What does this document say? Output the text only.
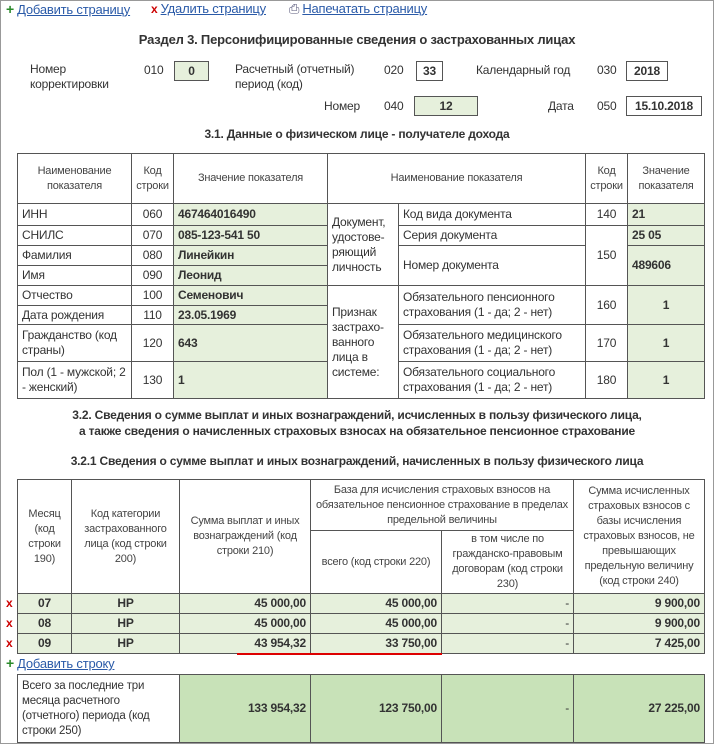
+ Добавить страницу x Удалить страницу ⎙ Напечатать страницу
Раздел 3. Персонифицированные сведения о застрахованных лицах
Номер корректировки
010	0	Расчетный (отчетный) период (код)
020	33	Календарный год 030	2018
Номер 040	12	Дата 050	15.10.2018
3.1. Данные о физическом лице - получателе дохода
Наименование показателя	Код строки	Значение показателя	Наименование показателя		Код строки	Значение показателя
ИНН	060	467464016490	Документ, удостове-ряющий личность	Код вида документа	140	21
СНИЛС	070	085-123-541 50		Серия документа	150	25 05
Фамилия	080	Линейкин		Номер документа		489606
Имя	090	Леонид				
Отчество	100	Семенович	Признак застрахо-ванного лица в системе:	Обязательного пенсионного страхования (1 - да; 2 - нет)	160	1
Дата рождения	110	23.05.1969				
Гражданство (код страны)	120	643		Обязательного медицинского страхования (1 - да; 2 - нет)	170	1
Пол (1 - мужской; 2 - женский)	130	1		Обязательного социального страхования (1 - да; 2 - нет)	180	1
3.2. Сведения о сумме выплат и иных вознаграждений, исчисленных в пользу физического лица,
а также сведения о начисленных страховых взносах на обязательное пенсионное страхование
3.2.1 Сведения о сумме выплат и иных вознаграждений, начисленных в пользу физического лица
Месяц (код строки 190)	Код категории застрахованного лица (код строки 200)	Сумма выплат и иных вознаграждений (код строки 210)	База для исчисления страховых взносов на обязательное пенсионное страхование в пределах предельной величины		Сумма исчисленных страховых взносов с базы исчисления страховых взносов, не превышающих предельную величину (код строки 240)
			всего (код строки 220)	в том числе по гражданско-правовым договорам (код строки 230)	
07	НР	45 000,00	45 000,00	-	9 900,00
08	НР	45 000,00	45 000,00	-	9 900,00
09	НР	43 954,32	33 750,00	-	7 425,00

Всего за последние три месяца расчетного (отчетного) периода (код строки 250)		133 954,32	123 750,00	-	27 225,00
x
x
x
+ Добавить строку
